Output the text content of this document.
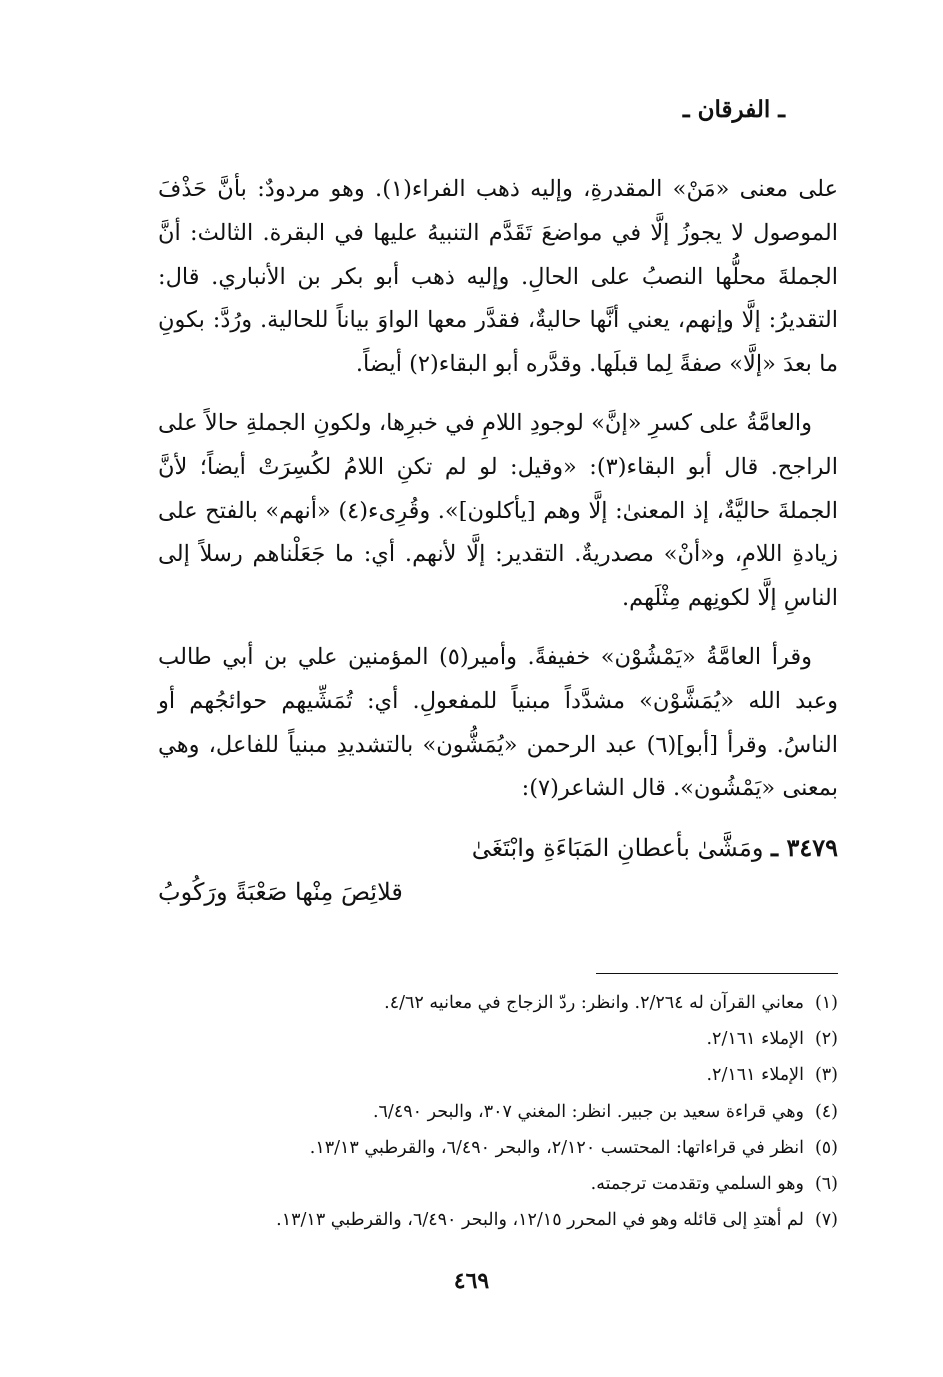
ـ الفرقان ـ

على معنى «مَنْ» المقدرةِ، وإليه ذهب الفراء(١). وهو مردودٌ: بأنَّ حَذْفَ الموصول لا يجوزُ إلَّا في مواضعَ تَقَدَّم التنبيهُ عليها في البقرة. الثالث: أنَّ الجملةَ محلُّها النصبُ على الحالِ. وإليه ذهب أبو بكر بن الأنباري. قال: التقديرُ: إلَّا وإنهم، يعني أنَّها حاليةٌ، فقدَّر معها الواوَ بياناً للحالية. ورُدَّ: بكونِ ما بعدَ «إلَّا» صفةً لِما قبلَها. وقدَّره أبو البقاء(٢) أيضاً.

والعامَّةُ على كسرِ «إنَّ» لوجودِ اللامِ في خبرِها، ولكونِ الجملةِ حالاً على الراجح. قال أبو البقاء(٣): «وقيل: لو لم تكنِ اللامُ لكُسِرَتْ أيضاً؛ لأنَّ الجملةَ حاليَّةٌ، إذ المعنىٰ: إلَّا وهم [يأكلون]». وقُرِىء(٤) «أنهم» بالفتح على زيادةِ اللامِ، و«أنْ» مصدريةٌ. التقدير: إلَّا لأنهم. أي: ما جَعَلْناهم رسلاً إلى الناسِ إلَّا لكونِهم مِثْلَهم.

وقرأ العامَّةُ «يَمْشُوْن» خفيفةً. وأمير(٥) المؤمنين علي بن أبي طالب وعبد الله «يُمَشَّوْن» مشدَّداً مبنياً للمفعولِ. أي: تُمَشِّيهم حوائجُهم أو الناسُ. وقرأ [أبو](٦) عبد الرحمن «يُمَشُّون» بالتشديدِ مبنياً للفاعل، وهي بمعنى «يَمْشُون». قال الشاعر(٧):

٣٤٧٩ ـ ومَشَّىٰ بأعطانِ المَبَاءَةِ وابْتَغَىٰ
قلائِصَ مِنْها صَعْبَةً ورَكُوبُ
(١)معاني القرآن له ٢/٢٦٤. وانظر: ردّ الزجاج في معانيه ٤/٦٢.
(٢)الإملاء ٢/١٦١.
(٣)الإملاء ٢/١٦١.
(٤)وهي قراءة سعيد بن جبير. انظر: المغني ٣٠٧، والبحر ٦/٤٩٠.
(٥)انظر في قراءاتها: المحتسب ٢/١٢٠، والبحر ٦/٤٩٠، والقرطبي ١٣/١٣.
(٦)وهو السلمي وتقدمت ترجمته.
(٧)لم أهتدِ إلى قائله وهو في المحرر ١٢/١٥، والبحر ٦/٤٩٠، والقرطبي ١٣/١٣.
٤٦٩
